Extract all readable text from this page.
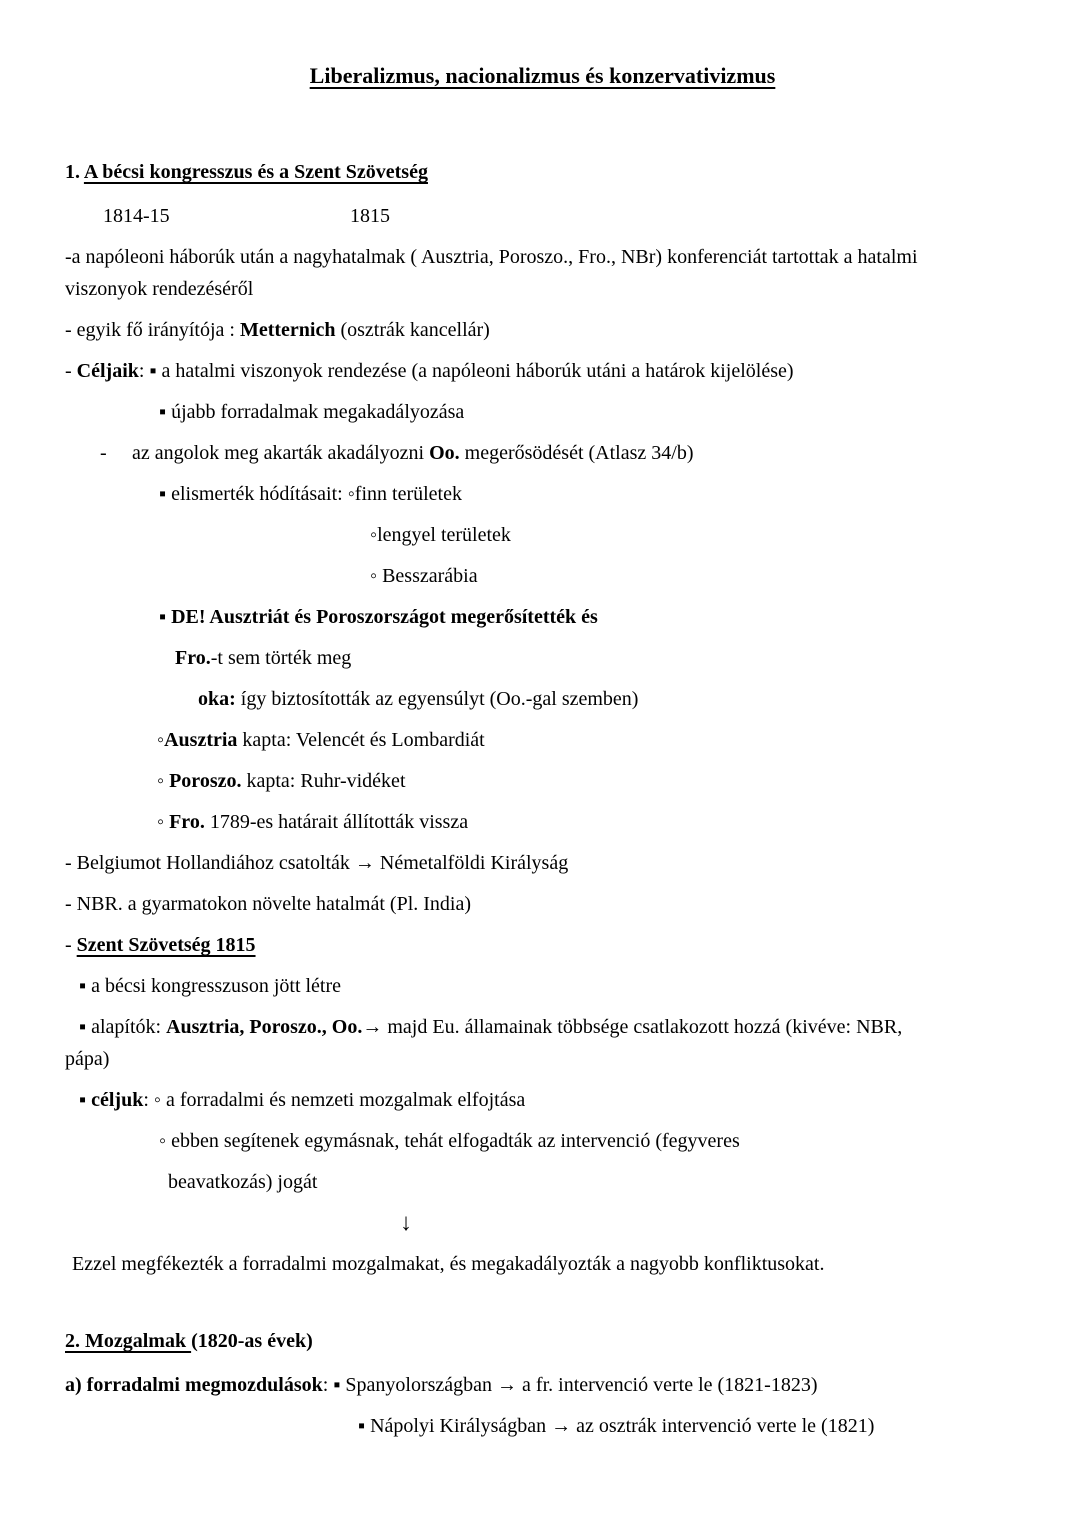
Liberalizmus, nacionalizmus és konzervativizmus

1. A bécsi kongresszus és a Szent Szövetség

1814-15	1815

-a napóleoni háborúk után a nagyhatalmak ( Ausztria, Poroszo., Fro., NBr) konferenciát tartottak a hatalmi

viszonyok rendezéséről

- egyik fő irányítója : Metternich (osztrák kancellár)

- Céljaik: ▪ a hatalmi viszonyok rendezése (a napóleoni háborúk utáni a határok kijelölése)

▪ újabb forradalmak megakadályozása

- az angolok meg akarták akadályozni Oo. megerősödését (Atlasz 34/b)

▪ elismerték hódításait: ◦finn területek

◦lengyel területek

◦ Besszarábia

▪ DE! Ausztriát és Poroszországot megerősítették és

Fro.-t sem törték meg

oka: így biztosították az egyensúlyt (Oo.-gal szemben)

◦Ausztria kapta: Velencét és Lombardiát

◦ Poroszo. kapta: Ruhr-vidéket

◦ Fro. 1789-es határait állították vissza

- Belgiumot Hollandiához csatolták → Németalföldi Királyság

- NBR. a gyarmatokon növelte hatalmát (Pl. India)

- Szent Szövetség 1815

▪ a bécsi kongresszuson jött létre

▪ alapítók: Ausztria, Poroszo., Oo.→ majd Eu. államainak többsége csatlakozott hozzá (kivéve: NBR,

pápa)

▪ céljuk: ◦ a forradalmi és nemzeti mozgalmak elfojtása

◦ ebben segítenek egymásnak, tehát elfogadták az intervenció (fegyveres

beavatkozás) jogát

↓

Ezzel megfékezték a forradalmi mozgalmakat, és megakadályozták a nagyobb konfliktusokat.

2. Mozgalmak (1820-as évek)

a) forradalmi megmozdulások: ▪ Spanyolországban → a fr. intervenció verte le (1821-1823)

▪ Nápolyi Királyságban → az osztrák intervenció verte le (1821)
